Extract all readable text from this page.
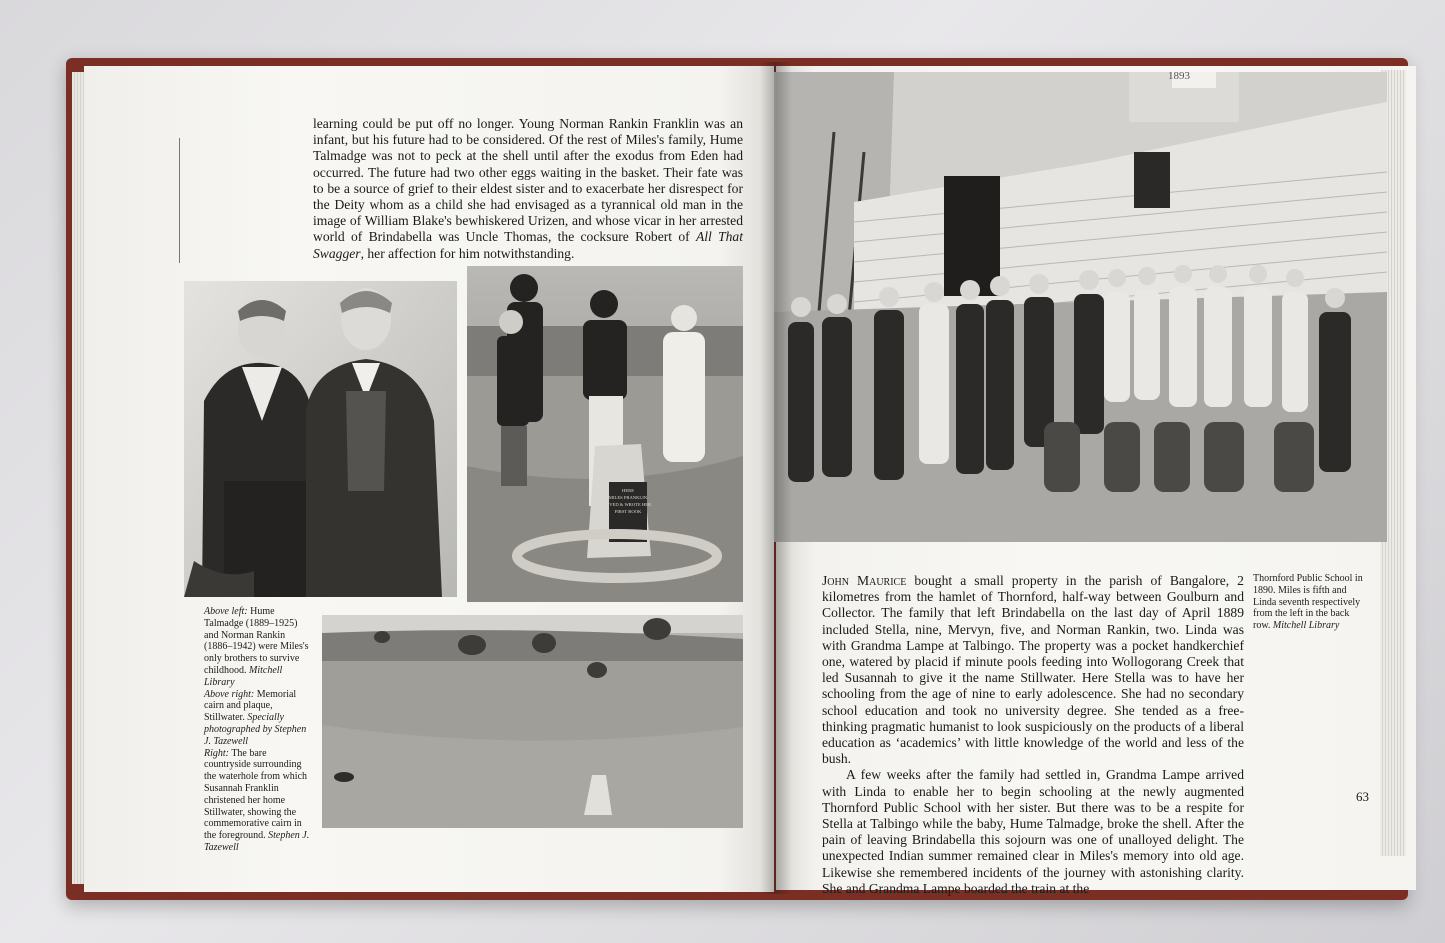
learning could be put off no longer. Young Norman Rankin Franklin was an infant, but his future had to be considered. Of the rest of Miles's family, Hume Talmadge was not to peck at the shell until after the exodus from Eden had occurred. The future had two other eggs waiting in the basket. Their fate was to be a source of grief to their eldest sister and to exacerbate her disrespect for the Deity whom as a child she had envisaged as a tyrannical old man in the image of William Blake's bewhiskered Urizen, and whose vicar in her arrested world of Brindabella was Uncle Thomas, the cocksure Robert of All That Swagger, her affection for him notwithstanding.
HERE
MILES FRANKLIN
LIVED & WROTE HER
FIRST BOOK
Above left: Hume Talmadge (1889–1925) and Norman Rankin (1886–1942) were Miles's only brothers to survive childhood. Mitchell Library
Above right: Memorial cairn and plaque, Stillwater. Specially photographed by Stephen J. Tazewell
Right: The bare countryside surrounding the waterhole from which Susannah Franklin christened her home Stillwater, showing the commemorative cairn in the foreground. Stephen J. Tazewell
1893

John Maurice bought a small property in the parish of Bangalore, 2 kilometres from the hamlet of Thornford, half-way between Goulburn and Collector. The family that left Brindabella on the last day of April 1889 included Stella, nine, Mervyn, five, and Norman Rankin, two. Linda was with Grandma Lampe at Talbingo. The property was a pocket handkerchief one, watered by placid if minute pools feeding into Wollogorang Creek that led Susannah to give it the name Stillwater. Here Stella was to have her schooling from the age of nine to early adolescence. She had no secondary school education and took no university degree. She tended as a free-thinking pragmatic humanist to look suspiciously on the products of a liberal education as ‘academics’ with little knowledge of the world and less of the bush.

A few weeks after the family had settled in, Grandma Lampe arrived with Linda to enable her to begin schooling at the newly augmented Thornford Public School with her sister. But there was to be a respite for Stella at Talbingo while the baby, Hume Talmadge, broke the shell. After the pain of leaving Brindabella this sojourn was one of unalloyed delight. The unexpected Indian summer remained clear in Miles's memory into old age. Likewise she remembered incidents of the journey with astonishing clarity. She and Grandma Lampe boarded the train at the

Thornford Public School in 1890. Miles is fifth and Linda seventh respectively from the left in the back row. Mitchell Library
63
